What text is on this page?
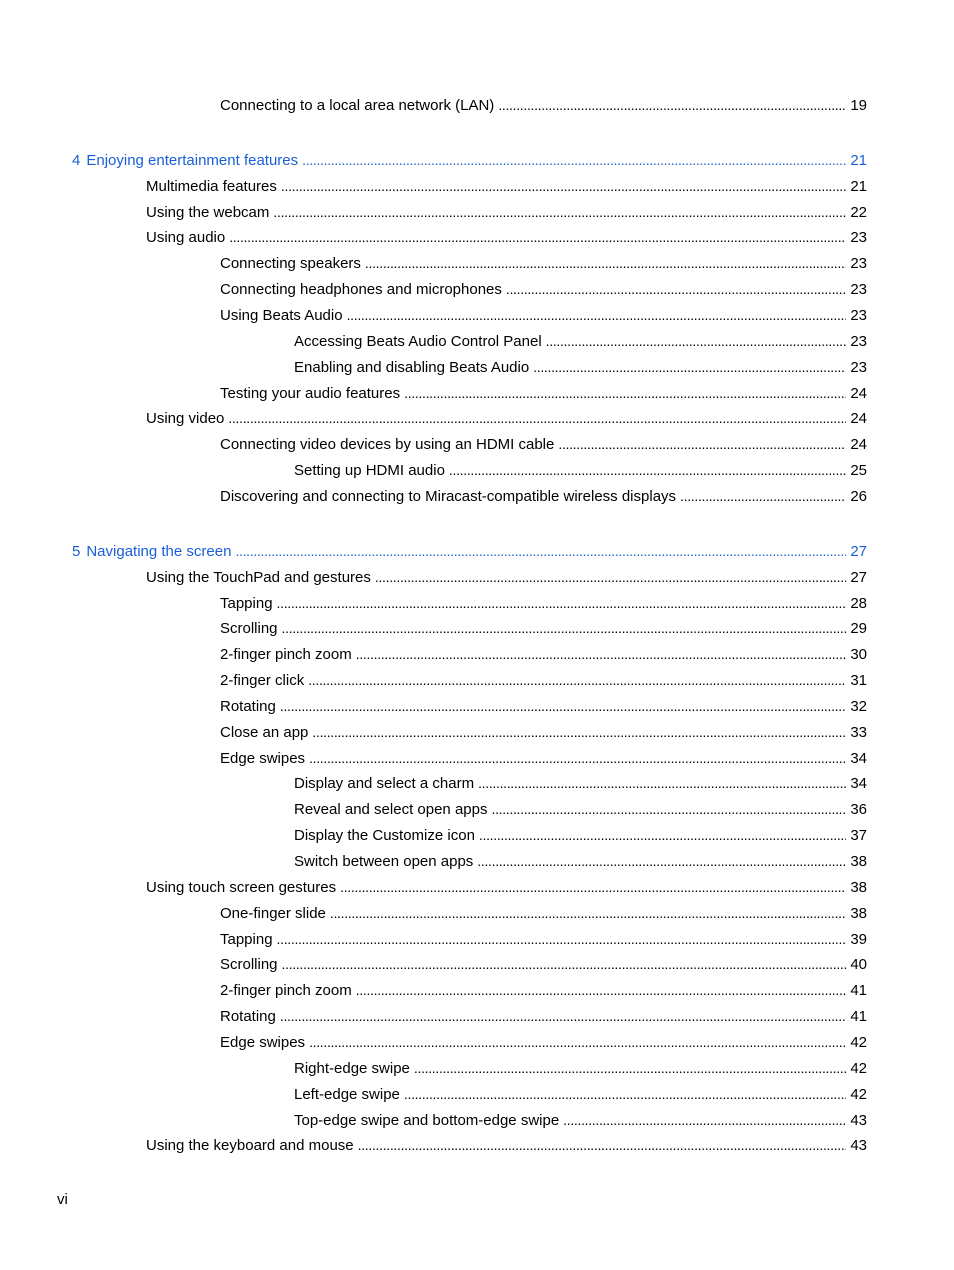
Connecting to a local area network (LAN) . . .	19
4 Enjoying entertainment features . . .	21
Multimedia features . . .	21
Using the webcam . . .	22
Using audio . . .	23
Connecting speakers . . .	23
Connecting headphones and microphones . . .	23
Using Beats Audio . . .	23
Accessing Beats Audio Control Panel . . .	23
Enabling and disabling Beats Audio . . .	23
Testing your audio features . . .	24
Using video . . .	24
Connecting video devices by using an HDMI cable . . .	24
Setting up HDMI audio . . .	25
Discovering and connecting to Miracast-compatible wireless displays . . .	26
5 Navigating the screen . . .	27
Using the TouchPad and gestures . . .	27
Tapping . . .	28
Scrolling . . .	29
2-finger pinch zoom . . .	30
2-finger click . . .	31
Rotating . . .	32
Close an app . . .	33
Edge swipes . . .	34
Display and select a charm . . .	34
Reveal and select open apps . . .	36
Display the Customize icon . . .	37
Switch between open apps . . .	38
Using touch screen gestures . . .	38
One-finger slide . . .	38
Tapping . . .	39
Scrolling . . .	40
2-finger pinch zoom . . .	41
Rotating . . .	41
Edge swipes . . .	42
Right-edge swipe . . .	42
Left-edge swipe . . .	42
Top-edge swipe and bottom-edge swipe . . .	43
Using the keyboard and mouse . . .	43
vi
